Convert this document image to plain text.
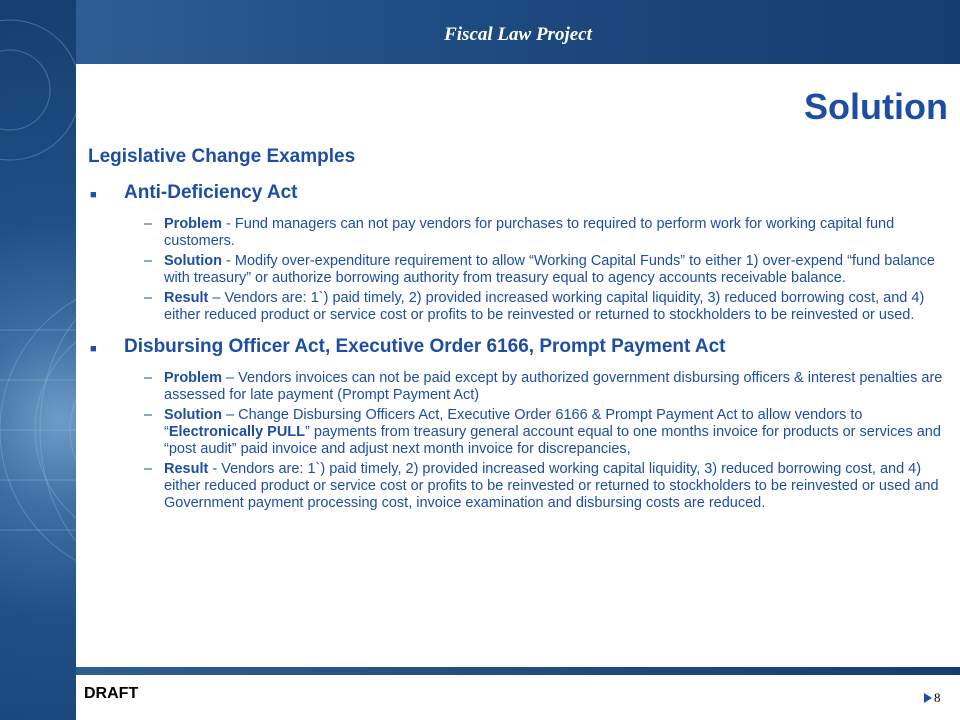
Fiscal Law Project
Solution
Legislative Change Examples
■	Anti-Deficiency Act
– Problem - Fund managers can not pay vendors for purchases to required to perform work for working capital fund customers.
– Solution - Modify over-expenditure requirement to allow “Working Capital Funds” to either 1) over-expend “fund balance with treasury” or authorize borrowing authority from treasury equal to agency accounts receivable balance.
– Result – Vendors are: 1`) paid timely, 2) provided increased working capital liquidity, 3) reduced borrowing cost, and 4) either reduced product or service cost or profits to be reinvested or returned to stockholders to be reinvested or used.
■	Disbursing Officer Act, Executive Order 6166, Prompt Payment Act
– Problem – Vendors invoices can not be paid except by authorized government disbursing officers & interest penalties are assessed for late payment (Prompt Payment Act)
– Solution – Change Disbursing Officers Act, Executive Order 6166 & Prompt Payment Act to allow vendors to “Electronically PULL” payments from treasury general account equal to one months invoice for products or services and “post audit” paid invoice and adjust next month invoice for discrepancies,
– Result - Vendors are: 1`) paid timely, 2) provided increased working capital liquidity, 3) reduced borrowing cost, and 4) either reduced product or service cost or profits to be reinvested or returned to stockholders to be reinvested or used and Government payment processing cost, invoice examination and disbursing costs are reduced.
DRAFT	8
